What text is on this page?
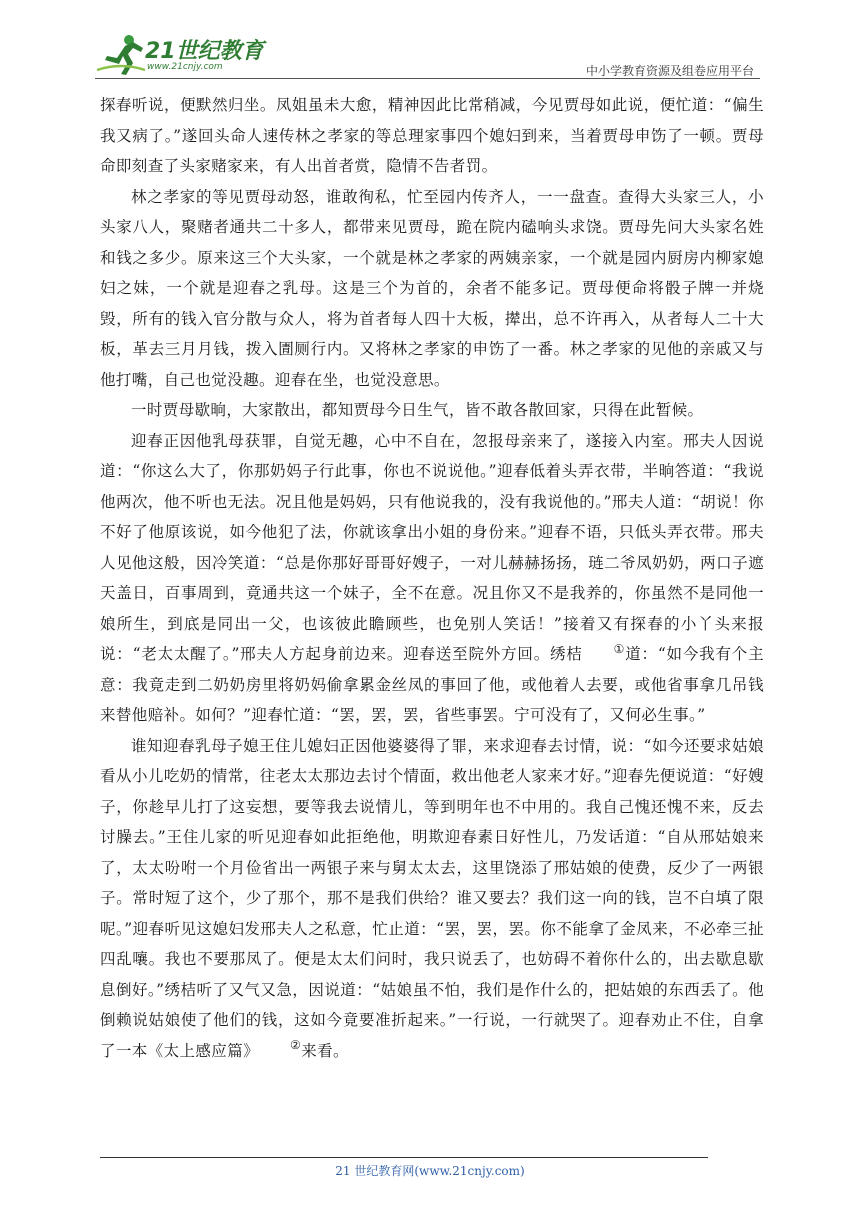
21世纪教育
www.21cnjy.com	中小学教育资源及组卷应用平台

探春听说，便默然归坐。凤姐虽未大愈，精神因此比常稍减，今见贾母如此说，便忙道：“偏生我又病了。”遂回头命人速传林之孝家的等总理家事四个媳妇到来，当着贾母申饬了一顿。贾母命即刻查了头家赌家来，有人出首者赏，隐情不告者罚。

林之孝家的等见贾母动怒，谁敢徇私，忙至园内传齐人，一一盘查。查得大头家三人，小头家八人，聚赌者通共二十多人，都带来见贾母，跪在院内磕响头求饶。贾母先问大头家名姓和钱之多少。原来这三个大头家，一个就是林之孝家的两姨亲家，一个就是园内厨房内柳家媳妇之妹，一个就是迎春之乳母。这是三个为首的，余者不能多记。贾母便命将骰子牌一并烧毁，所有的钱入官分散与众人，将为首者每人四十大板，撵出，总不许再入，从者每人二十大板，革去三月月钱，拨入圊厕行内。又将林之孝家的申饬了一番。林之孝家的见他的亲戚又与他打嘴，自己也觉没趣。迎春在坐，也觉没意思。

一时贾母歇晌，大家散出，都知贾母今日生气，皆不敢各散回家，只得在此暂候。

迎春正因他乳母获罪，自觉无趣，心中不自在，忽报母亲来了，遂接入内室。邢夫人因说道：“你这么大了，你那奶妈子行此事，你也不说说他。”迎春低着头弄衣带，半晌答道：“我说他两次，他不听也无法。况且他是妈妈，只有他说我的，没有我说他的。”邢夫人道：“胡说！你不好了他原该说，如今他犯了法，你就该拿出小姐的身份来。”迎春不语，只低头弄衣带。邢夫人见他这般，因冷笑道：“总是你那好哥哥好嫂子，一对儿赫赫扬扬，琏二爷凤奶奶，两口子遮天盖日，百事周到，竟通共这一个妹子，全不在意。况且你又不是我养的，你虽然不是同他一娘所生，到底是同出一父，也该彼此瞻顾些，也免别人笑话！”接着又有探春的小丫头来报说：“老太太醒了。”邢夫人方起身前边来。迎春送至院外方回。绣桔	①道：“如今我有个主意：我竟走到二奶奶房里将奶妈偷拿累金丝凤的事回了他，或他着人去要，或他省事拿几吊钱来替他赔补。如何？”迎春忙道：“罢，罢，罢，省些事罢。宁可没有了，又何必生事。”

谁知迎春乳母子媳王住儿媳妇正因他婆婆得了罪，来求迎春去讨情，说：“如今还要求姑娘看从小儿吃奶的情常，往老太太那边去讨个情面，救出他老人家来才好。”迎春先便说道：“好嫂子，你趁早儿打了这妄想，要等我去说情儿，等到明年也不中用的。我自己愧还愧不来，反去讨臊去。”王住儿家的听见迎春如此拒绝他，明欺迎春素日好性儿，乃发话道：“自从邢姑娘来了，太太吩咐一个月俭省出一两银子来与舅太太去，这里饶添了邢姑娘的使费，反少了一两银子。常时短了这个，少了那个，那不是我们供给？谁又要去？我们这一向的钱，岂不白填了限呢。”迎春听见这媳妇发邢夫人之私意，忙止道：“罢，罢，罢。你不能拿了金凤来，不必牵三扯四乱嚷。我也不要那凤了。便是太太们问时，我只说丢了，也妨碍不着你什么的，出去歇息歇息倒好。”绣桔听了又气又急，因说道：“姑娘虽不怕，我们是作什么的，把姑娘的东西丢了。他倒赖说姑娘使了他们的钱，这如今竟要准折起来。”一行说，一行就哭了。迎春劝止不住，自拿了一本《太上感应篇》	②来看。

21 世纪教育网(www.21cnjy.com)
